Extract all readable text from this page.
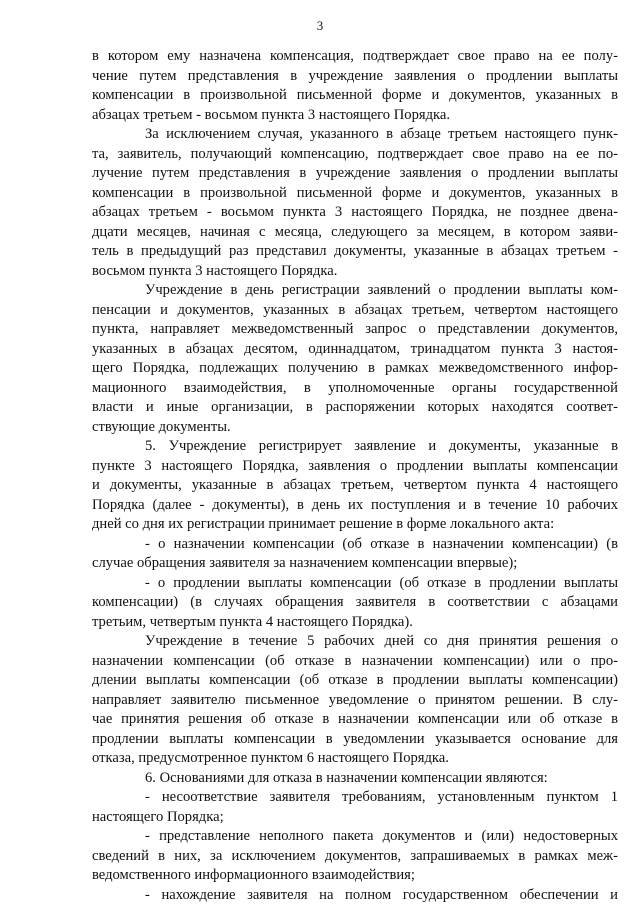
3

в котором ему назначена компенсация, подтверждает свое право на ее полу-
чение путем представления в учреждение заявления о продлении выплаты
компенсации в произвольной письменной форме и документов, указанных в
абзацах третьем - восьмом пункта 3 настоящего Порядка.

За исключением случая, указанного в абзаце третьем настоящего пунк-
та, заявитель, получающий компенсацию, подтверждает свое право на ее по-
лучение путем представления в учреждение заявления о продлении выплаты
компенсации в произвольной письменной форме и документов, указанных в
абзацах третьем - восьмом пункта 3 настоящего Порядка, не позднее двена-
дцати месяцев, начиная с месяца, следующего за месяцем, в котором заяви-
тель в предыдущий раз представил документы, указанные в абзацах третьем -
восьмом пункта 3 настоящего Порядка.

Учреждение в день регистрации заявлений о продлении выплаты ком-
пенсации и документов, указанных в абзацах третьем, четвертом настоящего
пункта, направляет межведомственный запрос о представлении документов,
указанных в абзацах десятом, одиннадцатом, тринадцатом пункта 3 настоя-
щего Порядка, подлежащих получению в рамках межведомственного инфор-
мационного взаимодействия, в уполномоченные органы государственной
власти и иные организации, в распоряжении которых находятся соответ-
ствующие документы.

5. Учреждение регистрирует заявление и документы, указанные в
пункте 3 настоящего Порядка, заявления о продлении выплаты компенсации
и документы, указанные в абзацах третьем, четвертом пункта 4 настоящего
Порядка (далее - документы), в день их поступления и в течение 10 рабочих
дней со дня их регистрации принимает решение в форме локального акта:

- о назначении компенсации (об отказе в назначении компенсации) (в
случае обращения заявителя за назначением компенсации впервые);

- о продлении выплаты компенсации (об отказе в продлении выплаты
компенсации) (в случаях обращения заявителя в соответствии с абзацами
третьим, четвертым пункта 4 настоящего Порядка).

Учреждение в течение 5 рабочих дней со дня принятия решения о
назначении компенсации (об отказе в назначении компенсации) или о про-
длении выплаты компенсации (об отказе в продлении выплаты компенсации)
направляет заявителю письменное уведомление о принятом решении. В слу-
чае принятия решения об отказе в назначении компенсации или об отказе в
продлении выплаты компенсации в уведомлении указывается основание для
отказа, предусмотренное пунктом 6 настоящего Порядка.

6. Основаниями для отказа в назначении компенсации являются:

- несоответствие заявителя требованиям, установленным пунктом 1
настоящего Порядка;

- представление неполного пакета документов и (или) недостоверных
сведений в них, за исключением документов, запрашиваемых в рамках меж-
ведомственного информационного взаимодействия;

- нахождение заявителя на полном государственном обеспечении и
